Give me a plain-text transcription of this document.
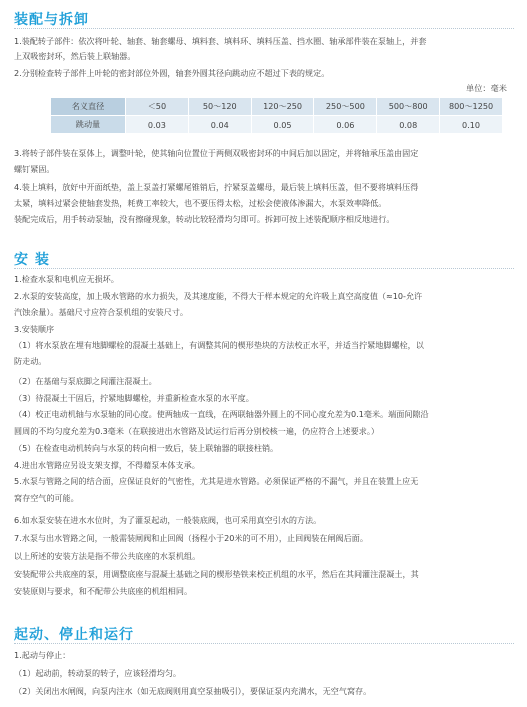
装配与拆卸
1.装配转子部件：依次将叶轮、轴套、轴套螺母、填料套、填料环、填料压盖、挡水圈、轴承部件装在泵轴上，并套
上双吸密封环，然后装上联轴器。
2.分别检查转子部件上叶轮的密封部位外圆，轴套外圆其径向跳动应不超过下表的规定。
单位：毫米
名义直径	＜50	50～120	120～250	250～500	500～800	800～1250
跳动量	0.03	0.04	0.05	0.06	0.08	0.10
3.将转子部件装在泵体上，调整叶轮，使其轴向位置位于两侧双吸密封环的中间后加以固定，并将轴承压盖由固定
螺钉紧固。
4.装上填料，放好中开面纸垫，盖上泵盖打紧螺尾锥销后，拧紧泵盖螺母，最后装上填料压盖，但不要将填料压得
太紧，填料过紧会使轴套发热，耗费工率较大，也不要压得太松，过松会使液体渗漏大，水泵效率降低。
装配完成后，用手转动泵轴，没有擦碰现象，转动比较轻滑均匀即可。拆卸可按上述装配顺序相反地进行。
安 装
1.检查水泵和电机应无损坏。
2.水泵的安装高度，加上吸水管路的水力损失，及其速度能，不得大于样本规定的允许吸上真空高度值（≈10-允许
汽蚀余量）。基础尺寸应符合泵机组的安装尺寸。
3.安装顺序
（1）将水泵放在埋有地脚螺栓的混凝土基础上，有调整其间的楔形垫块的方法校正水平，并适当拧紧地脚螺栓，以
防走动。
（2）在基础与泵底脚之间灌注混凝土。
（3）待混凝土干固后，拧紧地脚螺栓，并重新检查水泵的水平度。
（4）校正电动机轴与水泵轴的同心度。使两轴成一直线，在两联轴器外圆上的不同心度允差为0.1毫米。端面间隙沿
圆周的不均匀度允差为0.3毫米（在联接进出水管路及试运行后再分别校核一遍，仍应符合上述要求。）
（5）在检查电动机转向与水泵的转向相一致后，装上联轴器的联接柱销。
4.进出水管路应另设支架支撑，不得藉泵本体支承。
5.水泵与管路之间的结合面，应保证良好的气密性，尤其是进水管路。必须保证严格的不漏气，并且在装置上应无
窝存空气的可能。
6.如水泵安装在进水水位时，为了灌泵起动，一般装底阀，也可采用真空引水的方法。
7.水泵与出水管路之间，一般需装闸阀和止回阀（扬程小于20米的可不用），止回阀装在闸阀后面。
以上所述的安装方法是指不带公共底座的水泵机组。
安装配带公共底座的泵，用调整底座与混凝土基础之间的楔形垫铁来校正机组的水平，然后在其间灌注混凝土，其
安装原则与要求，和不配带公共底座的机组相同。
起动、停止和运行
1.起动与停止：
（1）起动前，转动泵的转子，应该轻滑均匀。
（2）关闭出水闸阀，向泵内注水（如无底阀则用真空泵抽吸引），要保证泵内充满水，无空气窝存。
